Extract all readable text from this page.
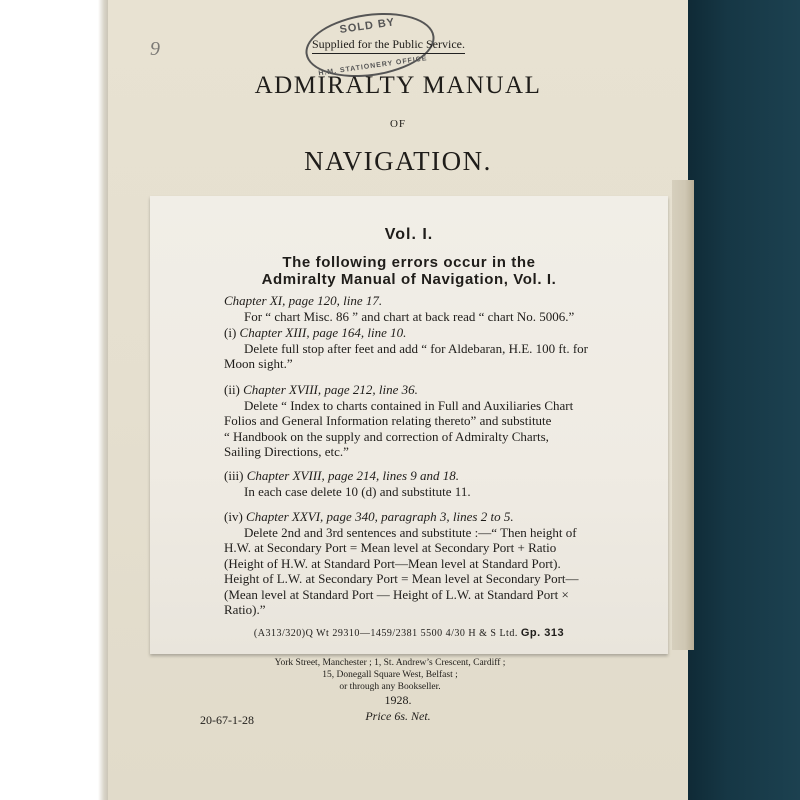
9
SOLD BY
H.M. STATIONERY OFFICE
Supplied for the Public Service.
ADMIRALTY MANUAL
OF
NAVIGATION.
York Street, Manchester ; 1, St. Andrew’s Crescent, Cardiff ;
15, Donegall Square West, Belfast ;
or through any Bookseller.
1928.
Price 6s. Net.
20-67-1-28
Vol. I.
The following errors occur in the
Admiralty Manual of Navigation, Vol. I.
Chapter XI, page 120, line 17.
For “ chart Misc. 86 ” and chart at back read “ chart No. 5006.”
(i) Chapter XIII, page 164, line 10.
Delete full stop after feet and add “ for Aldebaran, H.E. 100 ft. for
Moon sight.”
(ii) Chapter XVIII, page 212, line 36.
Delete “ Index to charts contained in Full and Auxiliaries Chart
Folios and General Information relating thereto” and substitute
“ Handbook on the supply and correction of Admiralty Charts,
Sailing Directions, etc.”
(iii) Chapter XVIII, page 214, lines 9 and 18.
In each case delete 10 (d) and substitute 11.
(iv) Chapter XXVI, page 340, paragraph 3, lines 2 to 5.
Delete 2nd and 3rd sentences and substitute :—“ Then height of
H.W. at Secondary Port = Mean level at Secondary Port + Ratio
(Height of H.W. at Standard Port—Mean level at Standard Port).
Height of L.W. at Secondary Port = Mean level at Secondary Port—
(Mean level at Standard Port — Height of L.W. at Standard Port ×
Ratio).”
(A313/320)Q Wt 29310—1459/2381 5500 4/30 H & S Ltd. Gp. 313
